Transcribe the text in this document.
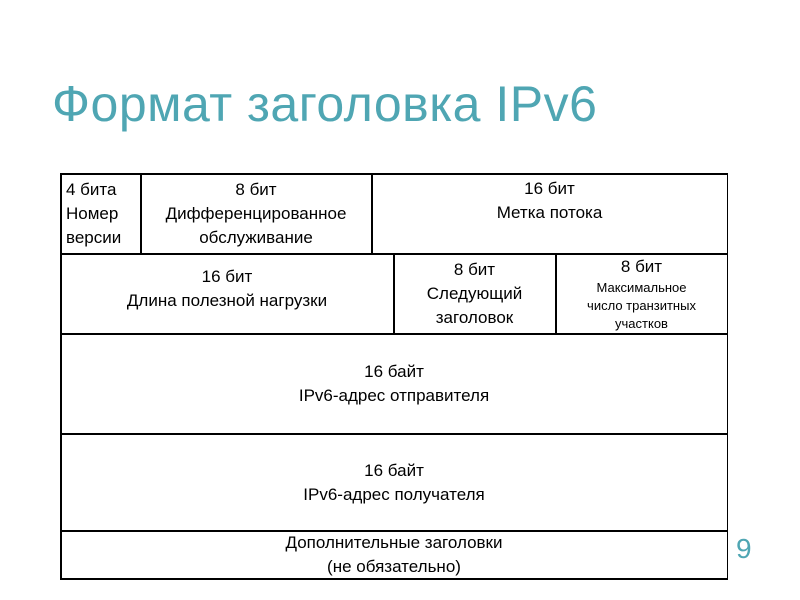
Формат заголовка IPv6
4 бита
Номер
версии
8 бит
Дифференцированное
обслуживание
16 бит
Метка потока
16 бит
Длина полезной нагрузки
8 бит
Следующий
заголовок
8 бит
Максимальное
число транзитных
участков
16 байт
IPv6-адрес отправителя
16 байт
IPv6-адрес получателя
Дополнительные заголовки
(не обязательно)
9
